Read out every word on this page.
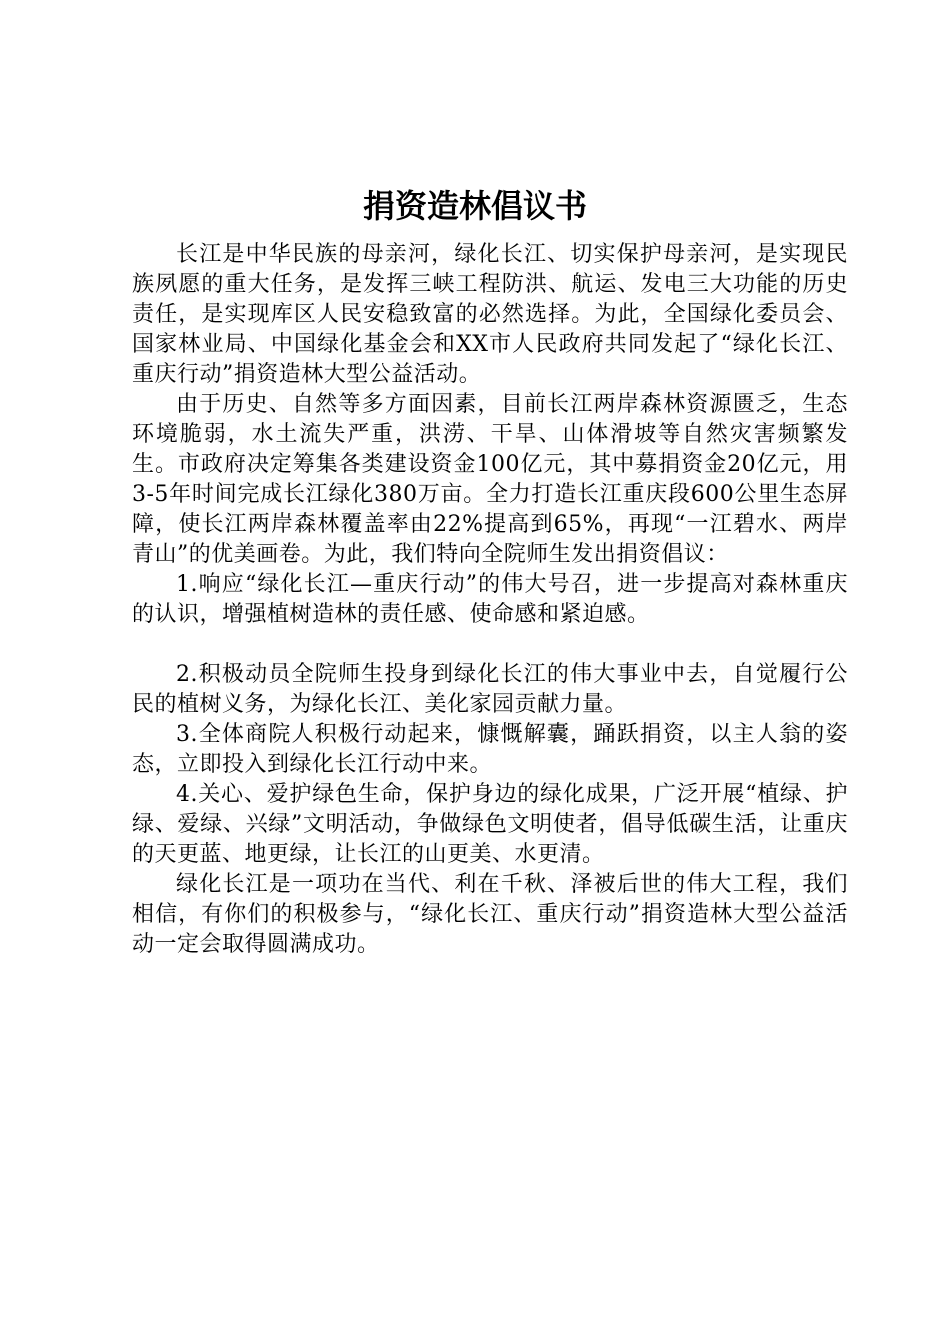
捐资造林倡议书

长江是中华民族的母亲河，绿化长江、切实保护母亲河，是实现民族夙愿的重大任务，是发挥三峡工程防洪、航运、发电三大功能的历史责任，是实现库区人民安稳致富的必然选择。为此，全国绿化委员会、国家林业局、中国绿化基金会和XX市人民政府共同发起了“绿化长江、重庆行动”捐资造林大型公益活动。

由于历史、自然等多方面因素，目前长江两岸森林资源匮乏，生态环境脆弱，水土流失严重，洪涝、干旱、山体滑坡等自然灾害频繁发生。市政府决定筹集各类建设资金100亿元，其中募捐资金20亿元，用3-5年时间完成长江绿化380万亩。全力打造长江重庆段600公里生态屏障，使长江两岸森林覆盖率由22%提高到65%，再现“一江碧水、两岸青山”的优美画卷。为此，我们特向全院师生发出捐资倡议：

1.响应“绿化长江—重庆行动”的伟大号召，进一步提高对森林重庆的认识，增强植树造林的责任感、使命感和紧迫感。

2.积极动员全院师生投身到绿化长江的伟大事业中去，自觉履行公民的植树义务，为绿化长江、美化家园贡献力量。

3.全体商院人积极行动起来，慷慨解囊，踊跃捐资，以主人翁的姿态，立即投入到绿化长江行动中来。

4.关心、爱护绿色生命，保护身边的绿化成果，广泛开展“植绿、护绿、爱绿、兴绿”文明活动，争做绿色文明使者，倡导低碳生活，让重庆的天更蓝、地更绿，让长江的山更美、水更清。

绿化长江是一项功在当代、利在千秋、泽被后世的伟大工程，我们相信，有你们的积极参与，“绿化长江、重庆行动”捐资造林大型公益活动一定会取得圆满成功。
